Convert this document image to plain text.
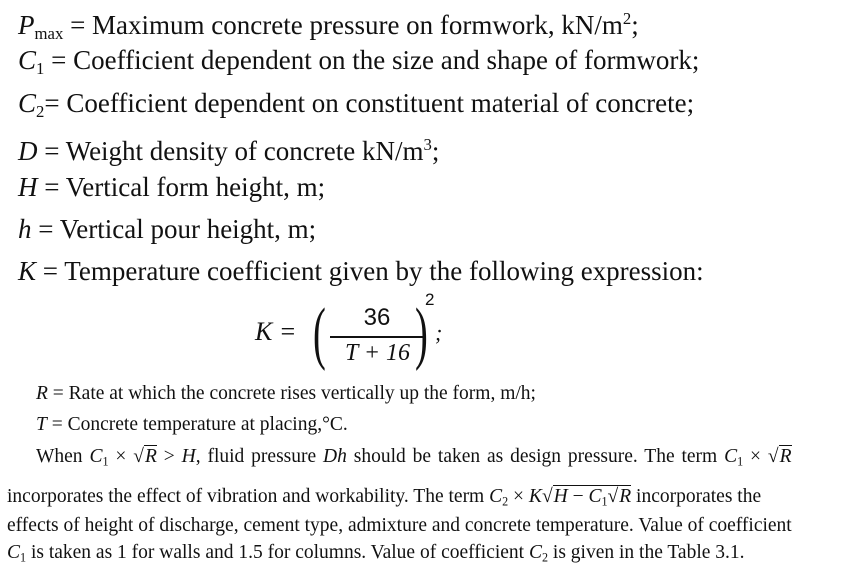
$P_{max}$ = Maximum concrete pressure on formwork, $kN/m^2$;
$C_1$ = Coefficient dependent on the size and shape of formwork;
$C_2=$ Coefficient dependent on constituent material of concrete;
D = Weight density of concrete $kN/m^3$;
H = Vertical form height, m;
h = Vertical pour height, m;
K = Temperature coefficient given by the following expression:
K = (	36
T + 16 )
2
;
R = Rate at which the concrete rises vertically up the form, m/h;
T = Concrete temperature at placing,°C.
When $C_1 \times √R > H$, fluid pressure Dh should be taken as design pressure. The term $C_1 \times √R$
incorporates the effect of vibration and workability. The term $C_2 \times K√H - C_1√R$ incorporates the
effects of height of discharge, cement type, admixture and concrete temperature. Value of coefficient
$C_1$ is taken as 1 for walls and 1.5 for columns. Value of coefficient $C_2$ is given in the Table 3.1.
